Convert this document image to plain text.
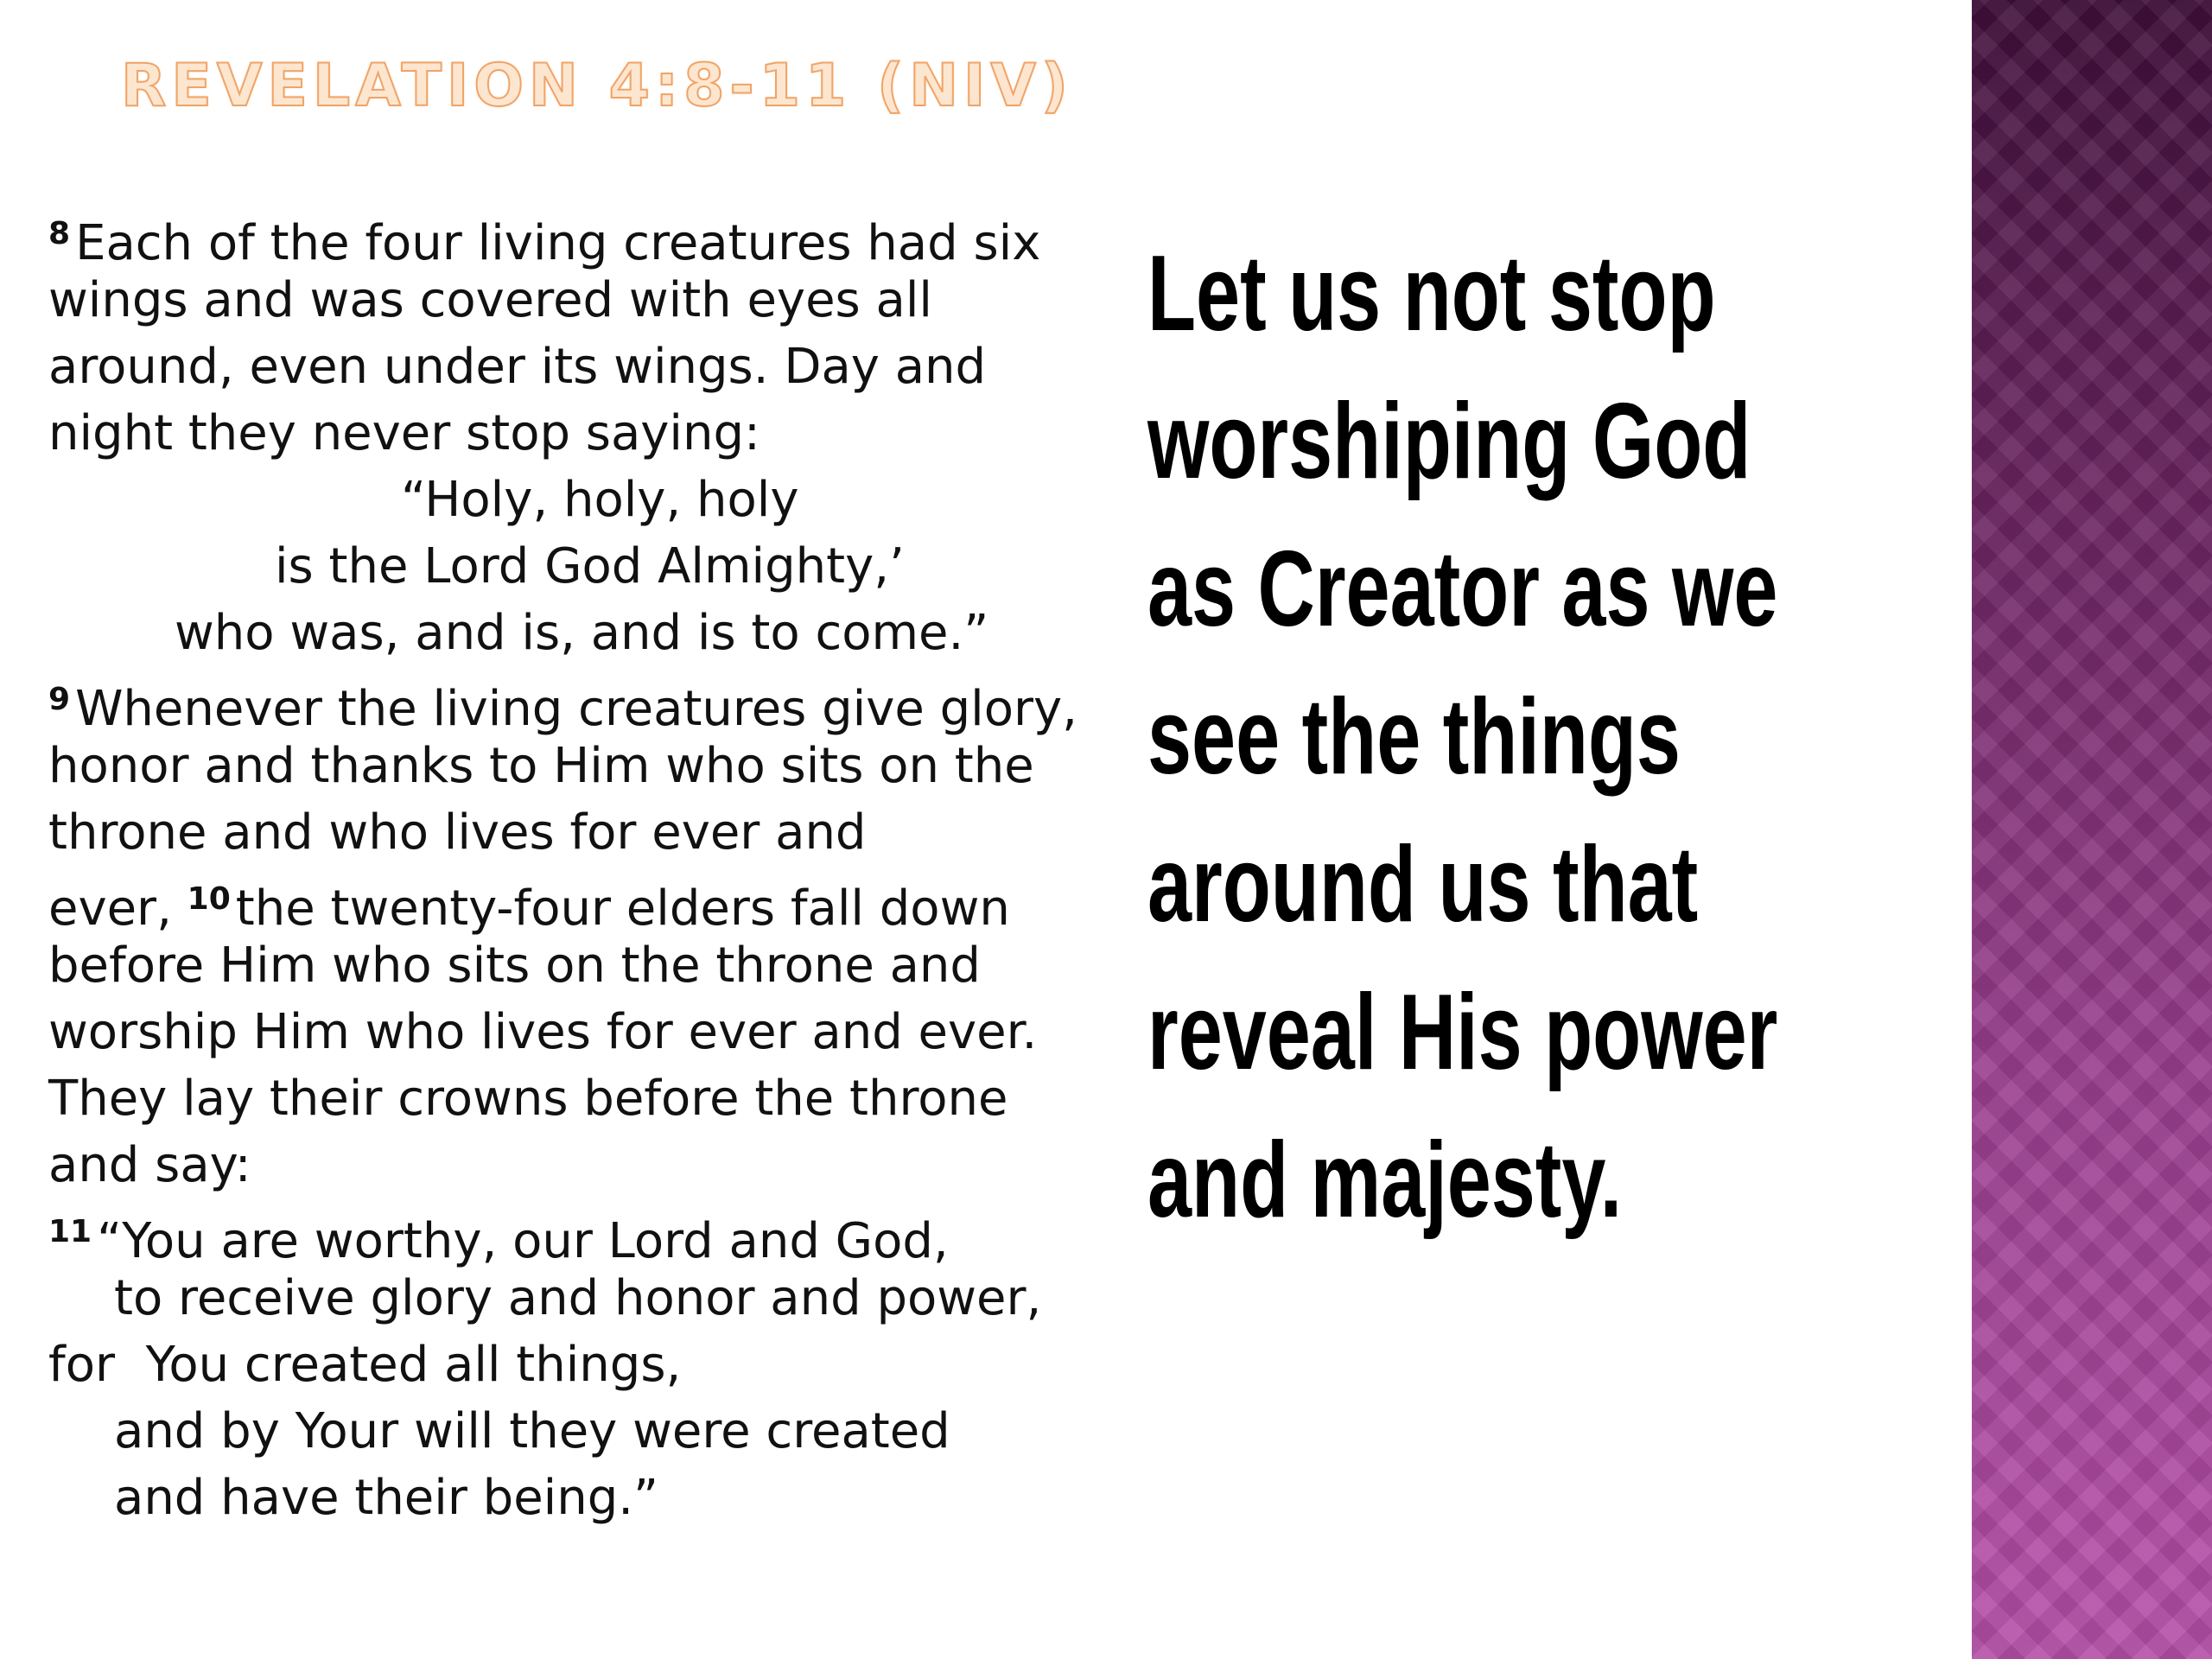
REVELATION 4:8-11 (NIV)
$^8$ Each of the four living creatures had six
wings and was covered with eyes all
around, even under its wings. Day and
night they never stop saying:
“Holy, holy, holy
is the Lord God Almighty,’
who was, and is, and is to come.”
$^9$ Whenever the living creatures give glory,
honor and thanks to Him who sits on the
throne and who lives for ever and
ever, $^{10}$ the twenty-four elders fall down
before Him who sits on the throne and
worship Him who lives for ever and ever.
They lay their crowns before the throne
and say:
$^{11}$ “You are worthy, our Lord and God,
to receive glory and honor and power,
for  You created all things,
and by Your will they were created
and have their being.”
Let us not stop
worshiping God
as Creator as we
see the things
around us that
reveal His power
and majesty.
